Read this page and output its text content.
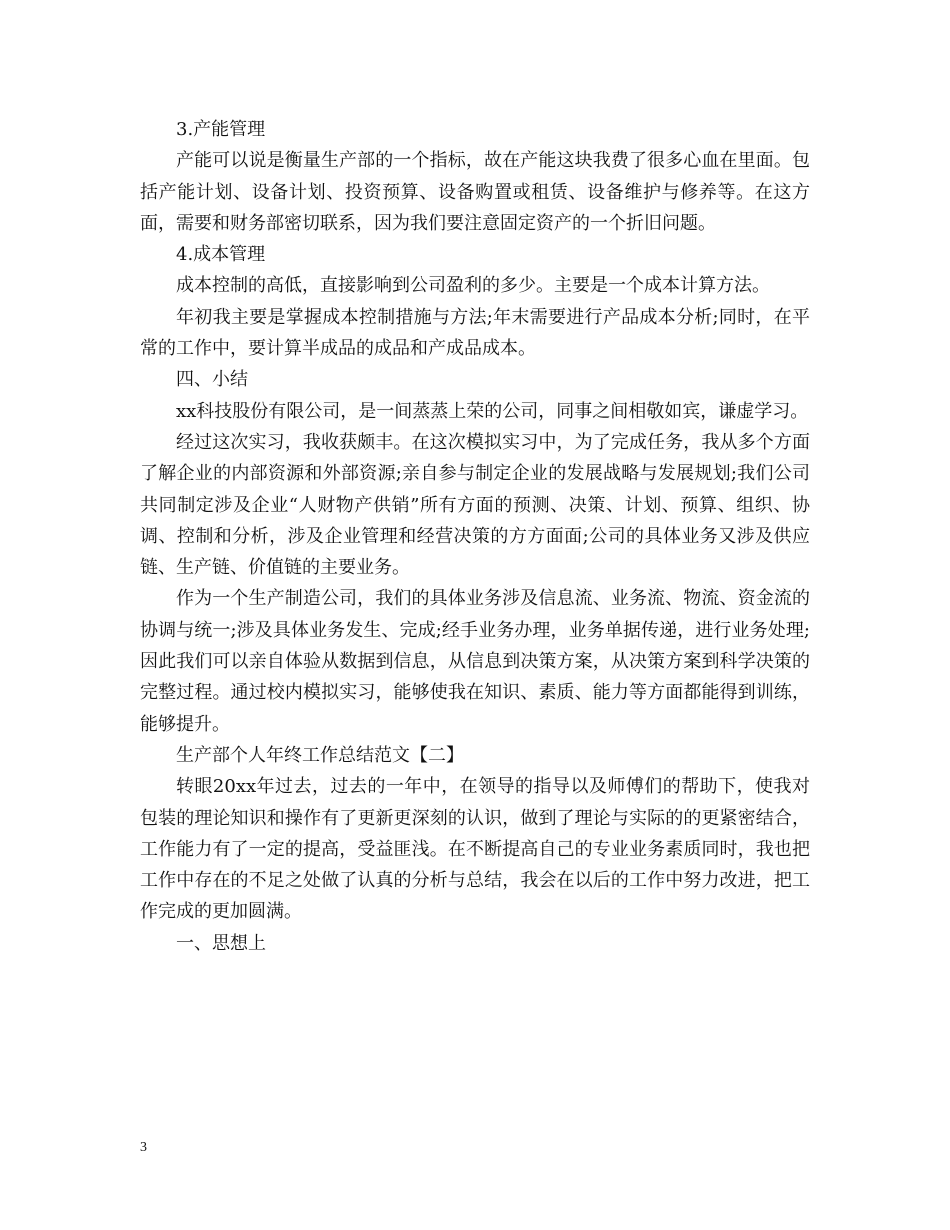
3.产能管理

产能可以说是衡量生产部的一个指标，故在产能这块我费了很多心血在里面。包括产能计划、设备计划、投资预算、设备购置或租赁、设备维护与修养等。在这方面，需要和财务部密切联系，因为我们要注意固定资产的一个折旧问题。

4.成本管理

成本控制的高低，直接影响到公司盈利的多少。主要是一个成本计算方法。

年初我主要是掌握成本控制措施与方法;年末需要进行产品成本分析;同时，在平常的工作中，要计算半成品的成品和产成品成本。

四、小结

xx科技股份有限公司，是一间蒸蒸上荣的公司，同事之间相敬如宾，谦虚学习。

经过这次实习，我收获颇丰。在这次模拟实习中，为了完成任务，我从多个方面了解企业的内部资源和外部资源;亲自参与制定企业的发展战略与发展规划;我们公司共同制定涉及企业“人财物产供销”所有方面的预测、决策、计划、预算、组织、协调、控制和分析，涉及企业管理和经营决策的方方面面;公司的具体业务又涉及供应链、生产链、价值链的主要业务。

作为一个生产制造公司，我们的具体业务涉及信息流、业务流、物流、资金流的协调与统一;涉及具体业务发生、完成;经手业务办理，业务单据传递，进行业务处理;因此我们可以亲自体验从数据到信息，从信息到决策方案，从决策方案到科学决策的完整过程。通过校内模拟实习，能够使我在知识、素质、能力等方面都能得到训练，能够提升。

生产部个人年终工作总结范文【二】

转眼20xx年过去，过去的一年中，在领导的指导以及师傅们的帮助下，使我对包装的理论知识和操作有了更新更深刻的认识，做到了理论与实际的的更紧密结合，工作能力有了一定的提高，受益匪浅。在不断提高自己的专业业务素质同时，我也把工作中存在的不足之处做了认真的分析与总结，我会在以后的工作中努力改进，把工作完成的更加圆满。

一、思想上

3
